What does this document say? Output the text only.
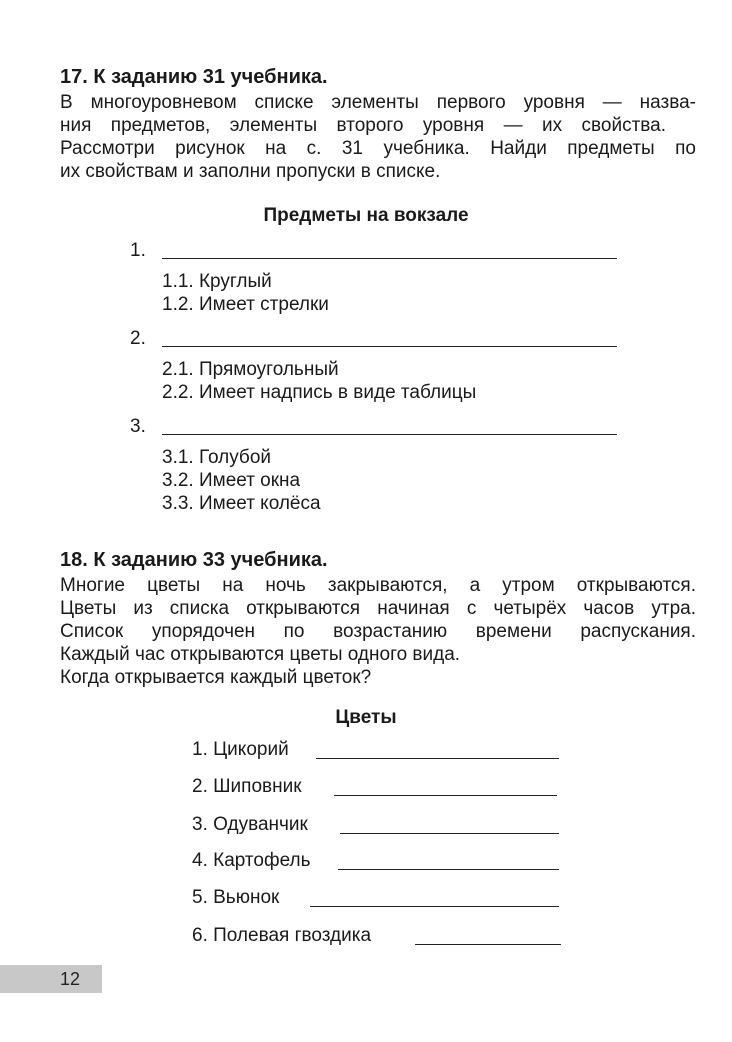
17. К заданию 31 учебника.
В многоуровневом списке элементы первого уровня — назва-
ния предметов, элементы второго уровня — их свойства.
Рассмотри рисунок на с. 31 учебника. Найди предметы по
их свойствам и заполни пропуски в списке.
Предметы на вокзале
1.
1.1. Круглый
1.2. Имеет стрелки
2.
2.1. Прямоугольный
2.2. Имеет надпись в виде таблицы
3.
3.1. Голубой
3.2. Имеет окна
3.3. Имеет колёса
18. К заданию 33 учебника.
Многие цветы на ночь закрываются, а утром открываются.
Цветы из списка открываются начиная с четырёх часов утра.
Список упорядочен по возрастанию времени распускания.
Каждый час открываются цветы одного вида.
Когда открывается каждый цветок?
Цветы
1. Цикорий
2. Шиповник
3. Одуванчик
4. Картофель
5. Вьюнок
6. Полевая гвоздика
12
